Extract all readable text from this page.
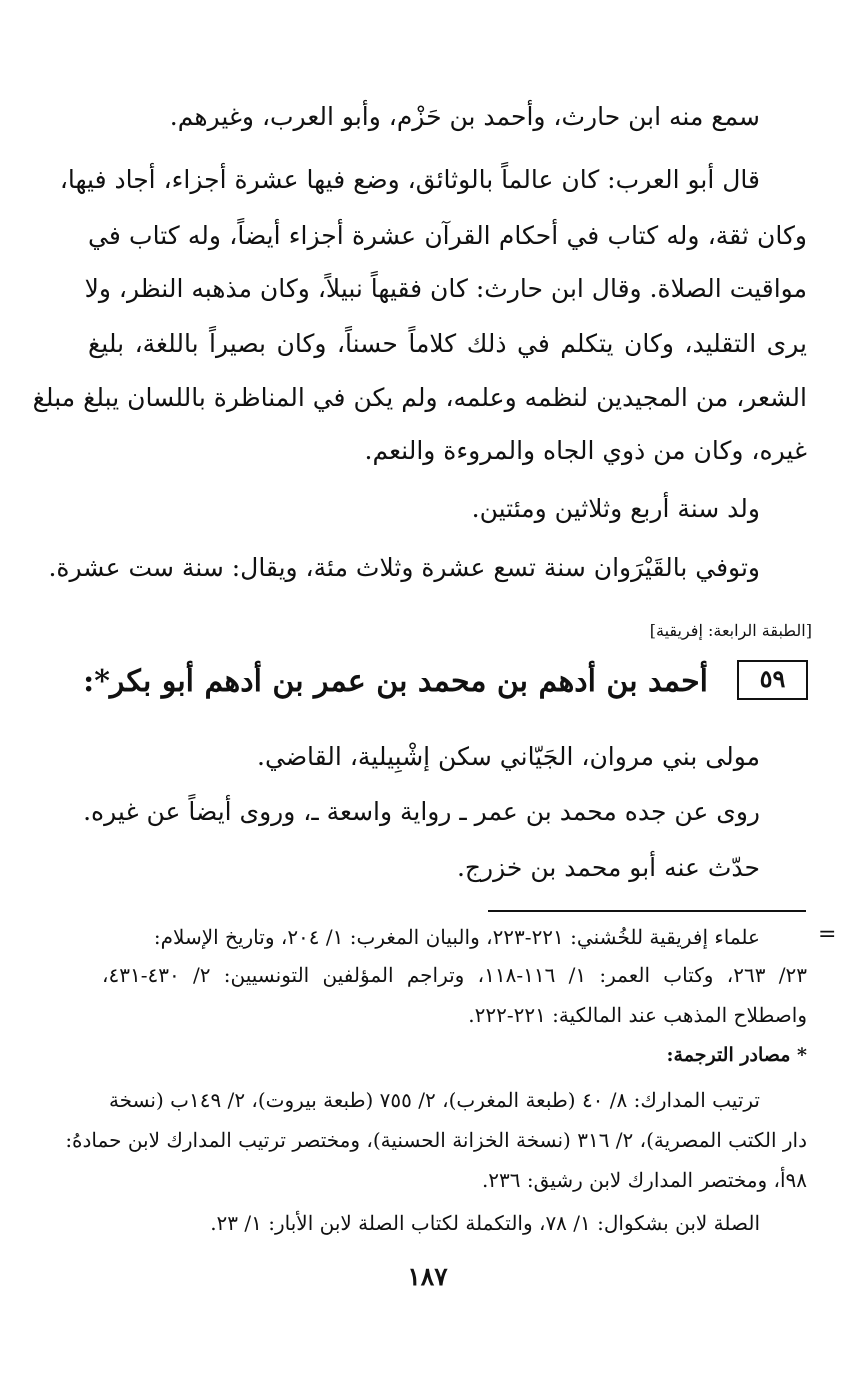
سمع منه ابن حارث، وأحمد بن حَزْم، وأبو العرب، وغيرهم.
قال أبو العرب: كان عالماً بالوثائق، وضع فيها عشرة أجزاء، أجاد فيها،
وكان ثقة، وله كتاب في أحكام القرآن عشرة أجزاء أيضاً، وله كتاب في
مواقيت الصلاة. وقال ابن حارث: كان فقيهاً نبيلاً، وكان مذهبه النظر، ولا
يرى التقليد، وكان يتكلم في ذلك كلاماً حسناً، وكان بصيراً باللغة، بليغ
الشعر، من المجيدين لنظمه وعلمه، ولم يكن في المناظرة باللسان يبلغ مبلغ
غيره، وكان من ذوي الجاه والمروءة والنعم.
ولد سنة أربع وثلاثين ومئتين.
وتوفي بالقَيْرَوان سنة تسع عشرة وثلاث مئة، ويقال: سنة ست عشرة.
[الطبقة الرابعة: إفريقية]
٥٩
أحمد بن أدهم بن محمد بن عمر بن أدهم أبو بكر*:
مولى بني مروان، الجَيّاني سكن إشْبِيلية، القاضي.
روى عن جده محمد بن عمر ـ رواية واسعة ـ، وروى أيضاً عن غيره.
حدّث عنه أبو محمد بن خزرج.
=
علماء إفريقية للخُشني: ٢٢١-٢٢٣، والبيان المغرب: ١/ ٢٠٤، وتاريخ الإسلام:
٢٣/ ٢٦٣، وكتاب العمر: ١/ ١١٦-١١٨، وتراجم المؤلفين التونسيين: ٢/ ٤٣٠-٤٣١،
واصطلاح المذهب عند المالكية: ٢٢١-٢٢٢.
* مصادر الترجمة:
ترتيب المدارك: ٨/ ٤٠ (طبعة المغرب)، ٢/ ٧٥٥ (طبعة بيروت)، ٢/ ١٤٩ب (نسخة
دار الكتب المصرية)، ٢/ ٣١٦ (نسخة الخزانة الحسنية)، ومختصر ترتيب المدارك لابن حمادهُ:
٩٨أ، ومختصر المدارك لابن رشيق: ٢٣٦.
الصلة لابن بشكوال: ١/ ٧٨، والتكملة لكتاب الصلة لابن الأبار: ١/ ٢٣.
١٨٧
